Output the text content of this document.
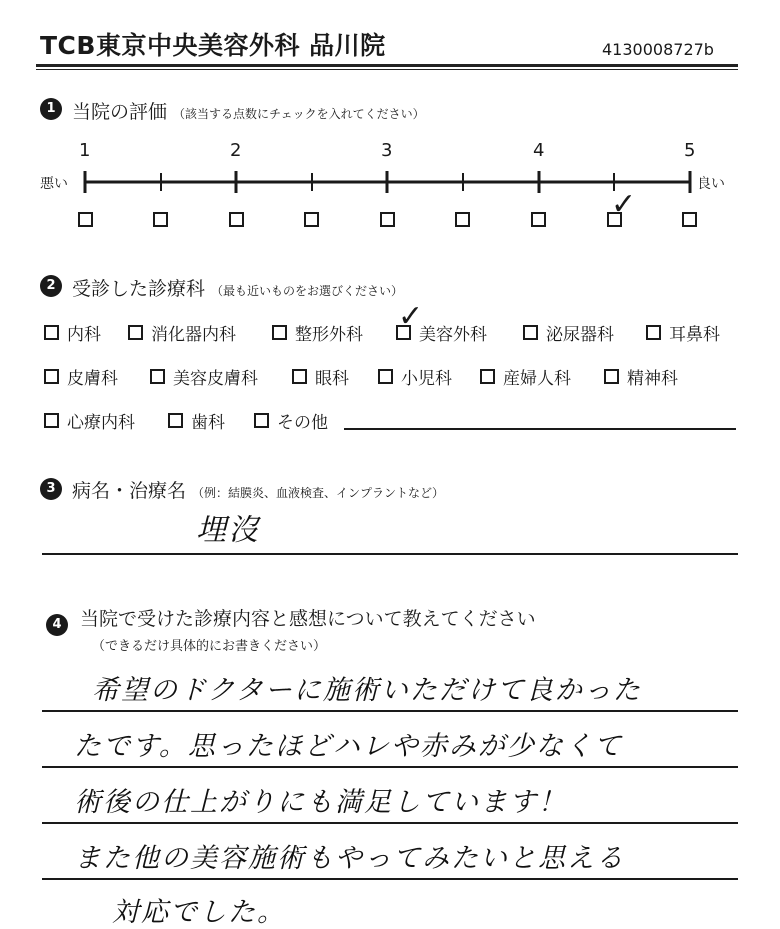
TCB東京中央美容外科 品川院	4130008727b
1 当院の評価 （該当する点数にチェックを入れてください）
1	2	3	4	5
悪い	良い
✓
2 受診した診療科 （最も近いものをお選びください）
内科	消化器内科	整形外科	美容外科
✓
泌尿器科	耳鼻科
皮膚科	美容皮膚科	眼科	小児科	産婦人科	精神科
心療内科	歯科	その他
3 病名・治療名 （例：結膜炎、血液検査、インプラントなど）
埋沒
4 当院で受けた診療内容と感想について教えてください
（できるだけ具体的にお書きください）
希望のドクターに施術いただけて良かった
たです。思ったほどハレや赤みが少なくて
術後の仕上がりにも満足しています！
また他の美容施術もやってみたいと思える
対応でした。
